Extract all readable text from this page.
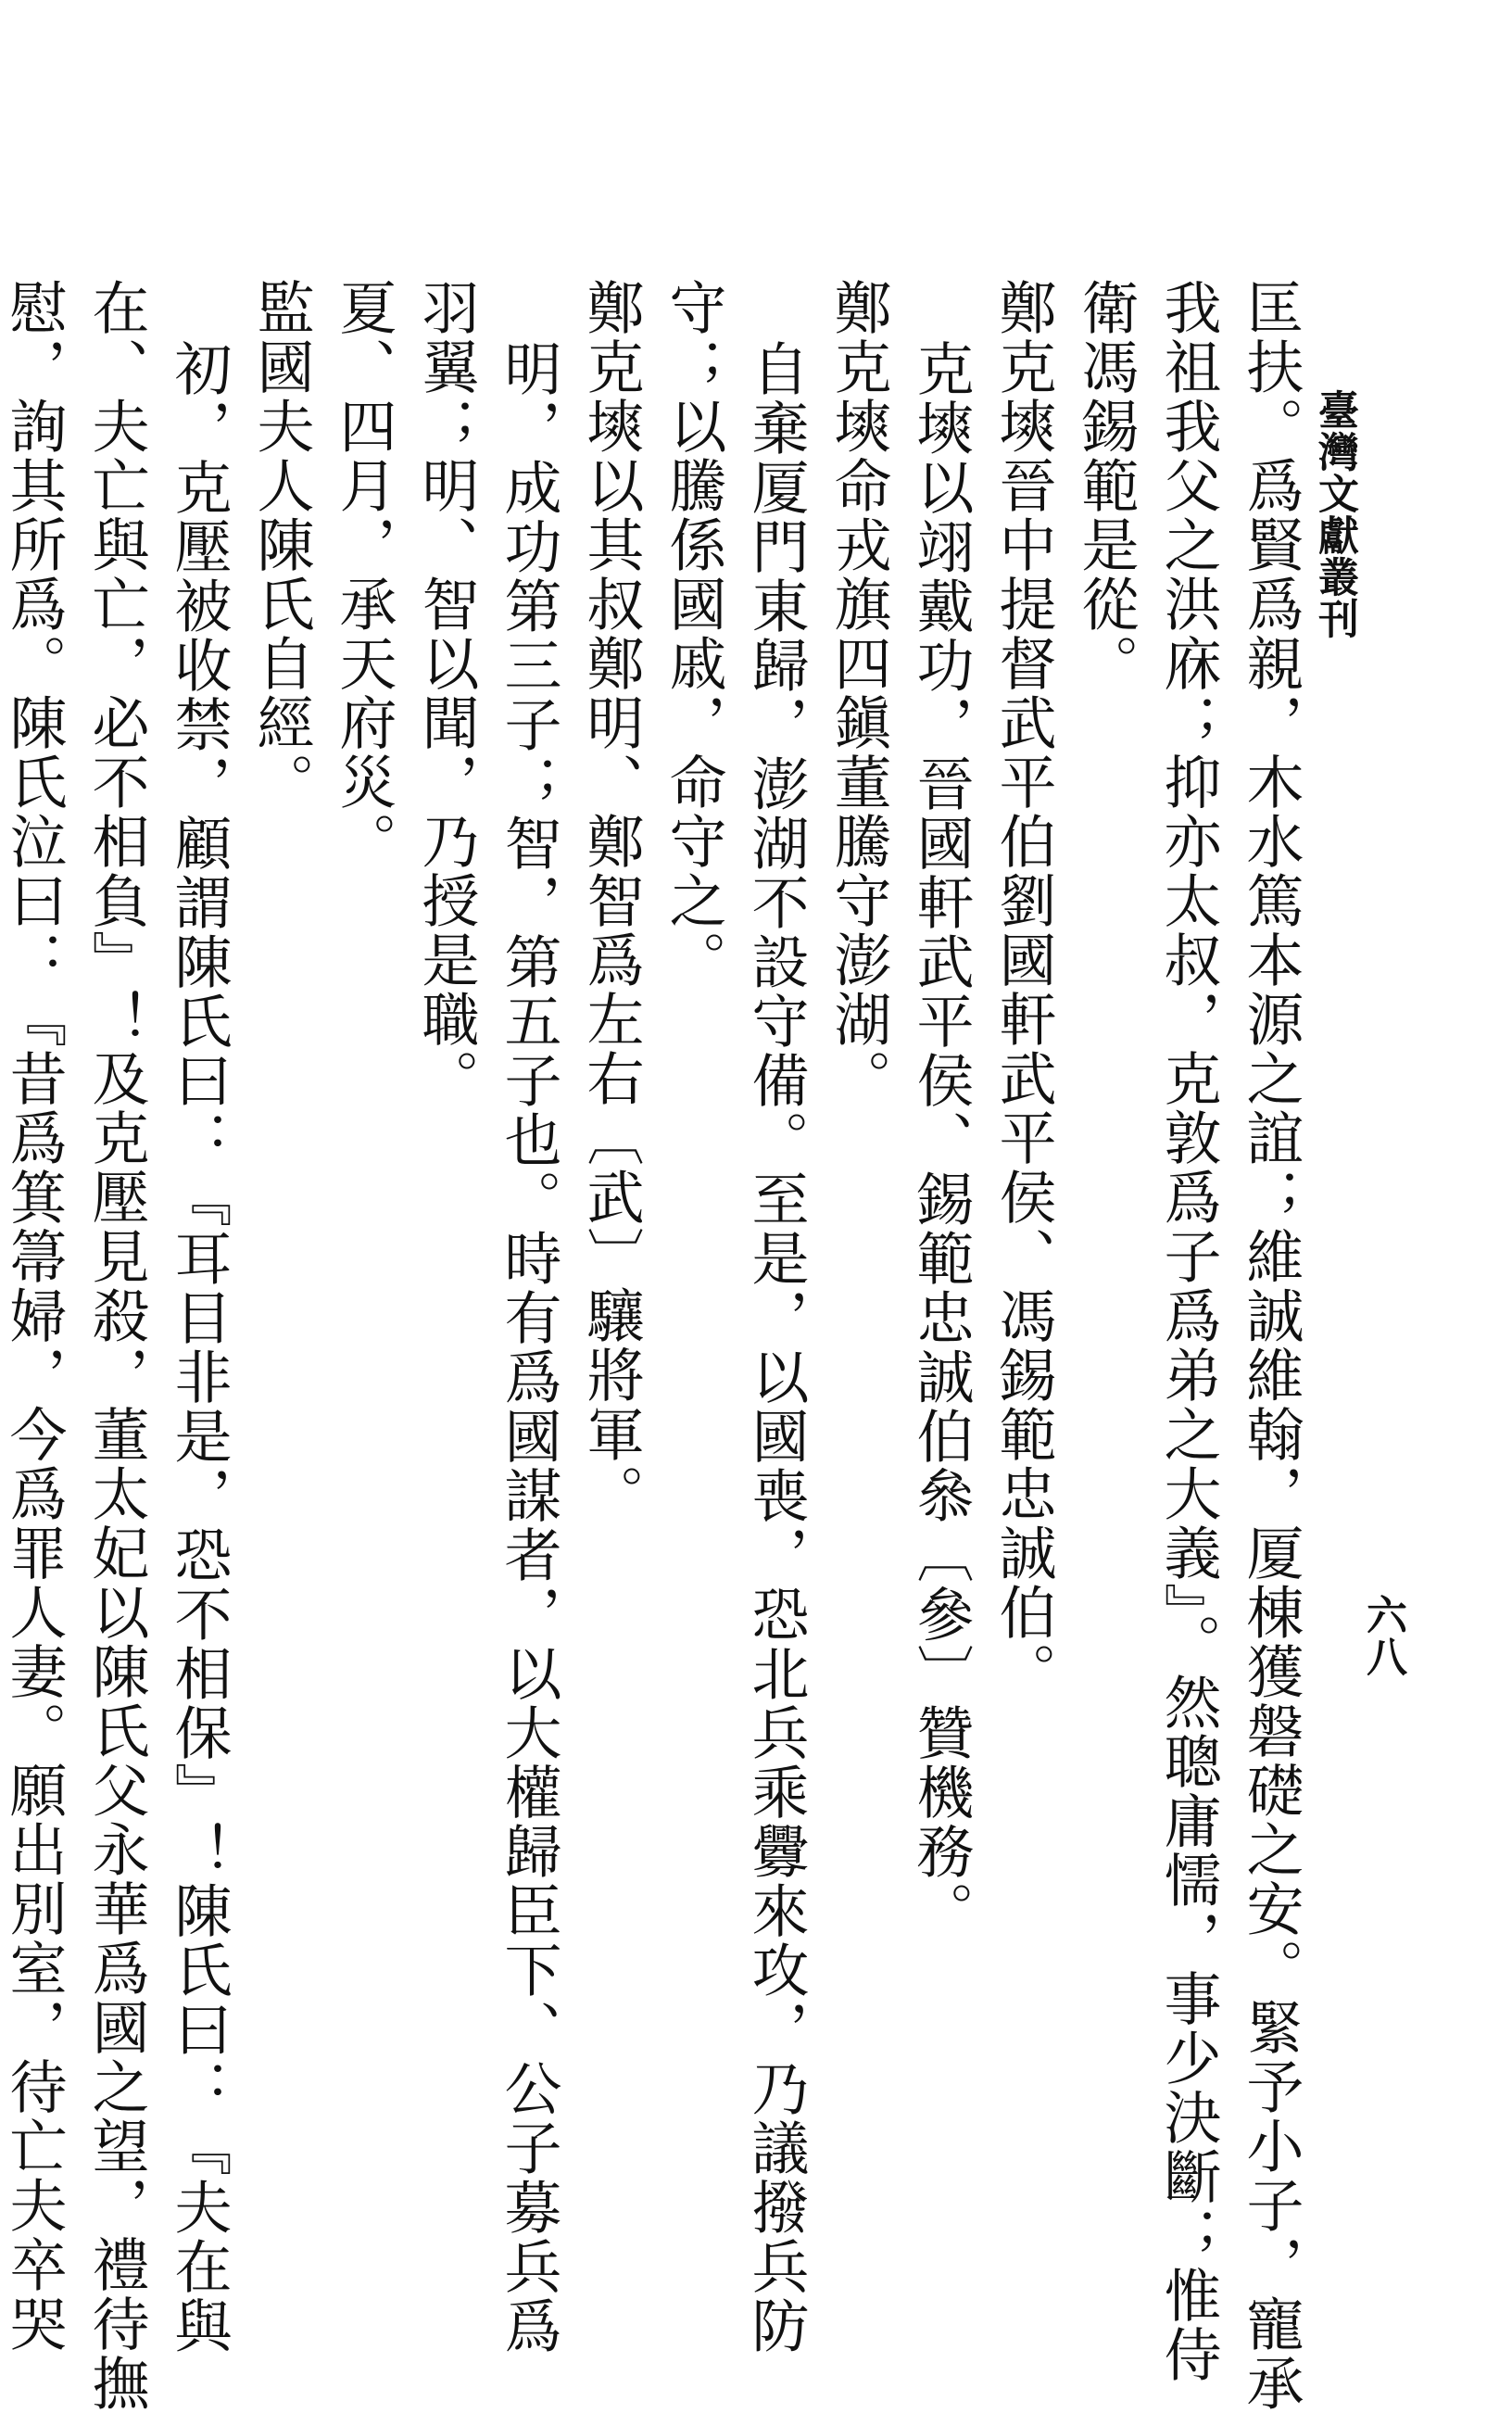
臺灣文獻叢刊
六八
匡扶。爲賢爲親，木水篤本源之誼；維誠維翰，厦棟獲磐礎之安。緊予小子，寵承
我祖我父之洪庥；抑亦太叔，克敦爲子爲弟之大義』。然聰庸懦，事少決斷；惟侍
衛馮錫範是從。
鄭克塽晉中提督武平伯劉國軒武平侯、馮錫範忠誠伯。
克塽以翊戴功，晉國軒武平侯、錫範忠誠伯叅〔參〕贊機務。
鄭克塽命戎旗四鎭董騰守澎湖。
自棄厦門東歸，澎湖不設守備。至是，以國喪，恐北兵乘釁來攻，乃議撥兵防
守；以騰係國戚，命守之。
鄭克塽以其叔鄭明、鄭智爲左右〔武〕驤將軍。
明，成功第三子；智，第五子也。時有爲國謀者，以大權歸臣下、公子募兵爲
羽翼；明、智以聞，乃授是職。
夏、四月，承天府災。
監國夫人陳氏自經。
初，克壓被收禁，顧謂陳氏曰：『耳目非是，恐不相保』！陳氏曰：『夫在與
在、夫亡與亡，必不相負』！及克壓見殺，董太妃以陳氏父永華爲國之望，禮待撫
慰，詢其所爲。陳氏泣曰：『昔爲箕箒婦，今爲罪人妻。願出別室，待亡夫卒哭
